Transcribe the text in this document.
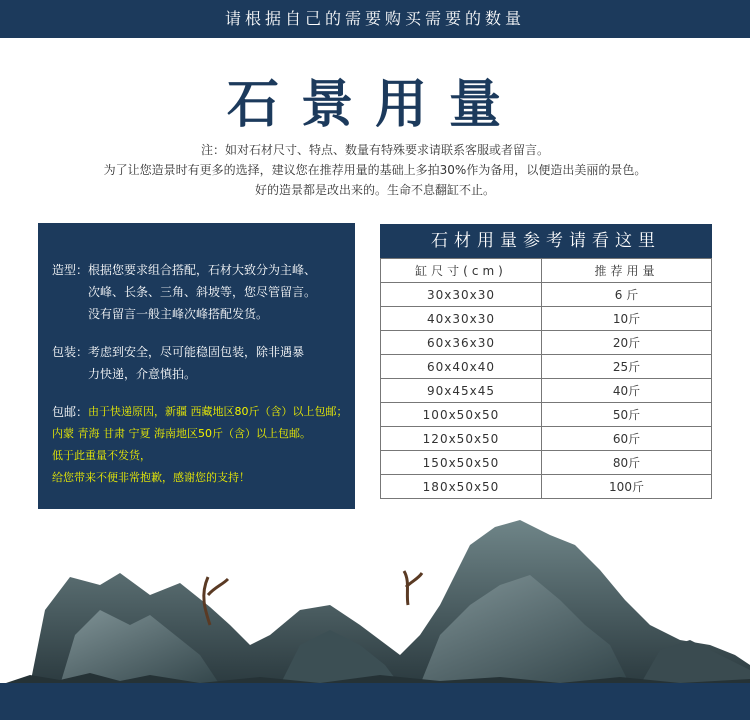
请根据自己的需要购买需要的数量
石景用量
注：如对石材尺寸、特点、数量有特殊要求请联系客服或者留言。
为了让您造景时有更多的选择，建议您在推荐用量的基础上多拍30%作为备用，以便造出美丽的景色。
好的造景都是改出来的。生命不息翻缸不止。
造型： 根据您要求组合搭配，石材大致分为主峰、
次峰、长条、三角、斜坡等，您尽管留言。
没有留言一般主峰次峰搭配发货。
包装： 考虑到安全，尽可能稳固包装，除非遇暴
力快递，介意慎拍。
包邮： 由于快递原因，新疆 西藏地区80斤（含）以上包邮；
内蒙 青海 甘肃 宁夏 海南地区50斤（含）以上包邮。
低于此重量不发货，
给您带来不便非常抱歉，感谢您的支持！
石材用量参考请看这里
缸尺寸(cm)	推荐用量
30x30x30	6 斤
40x30x30	10斤
60x36x30	20斤
60x40x40	25斤
90x45x45	40斤
100x50x50	50斤
120x50x50	60斤
150x50x50	80斤
180x50x50	100斤
